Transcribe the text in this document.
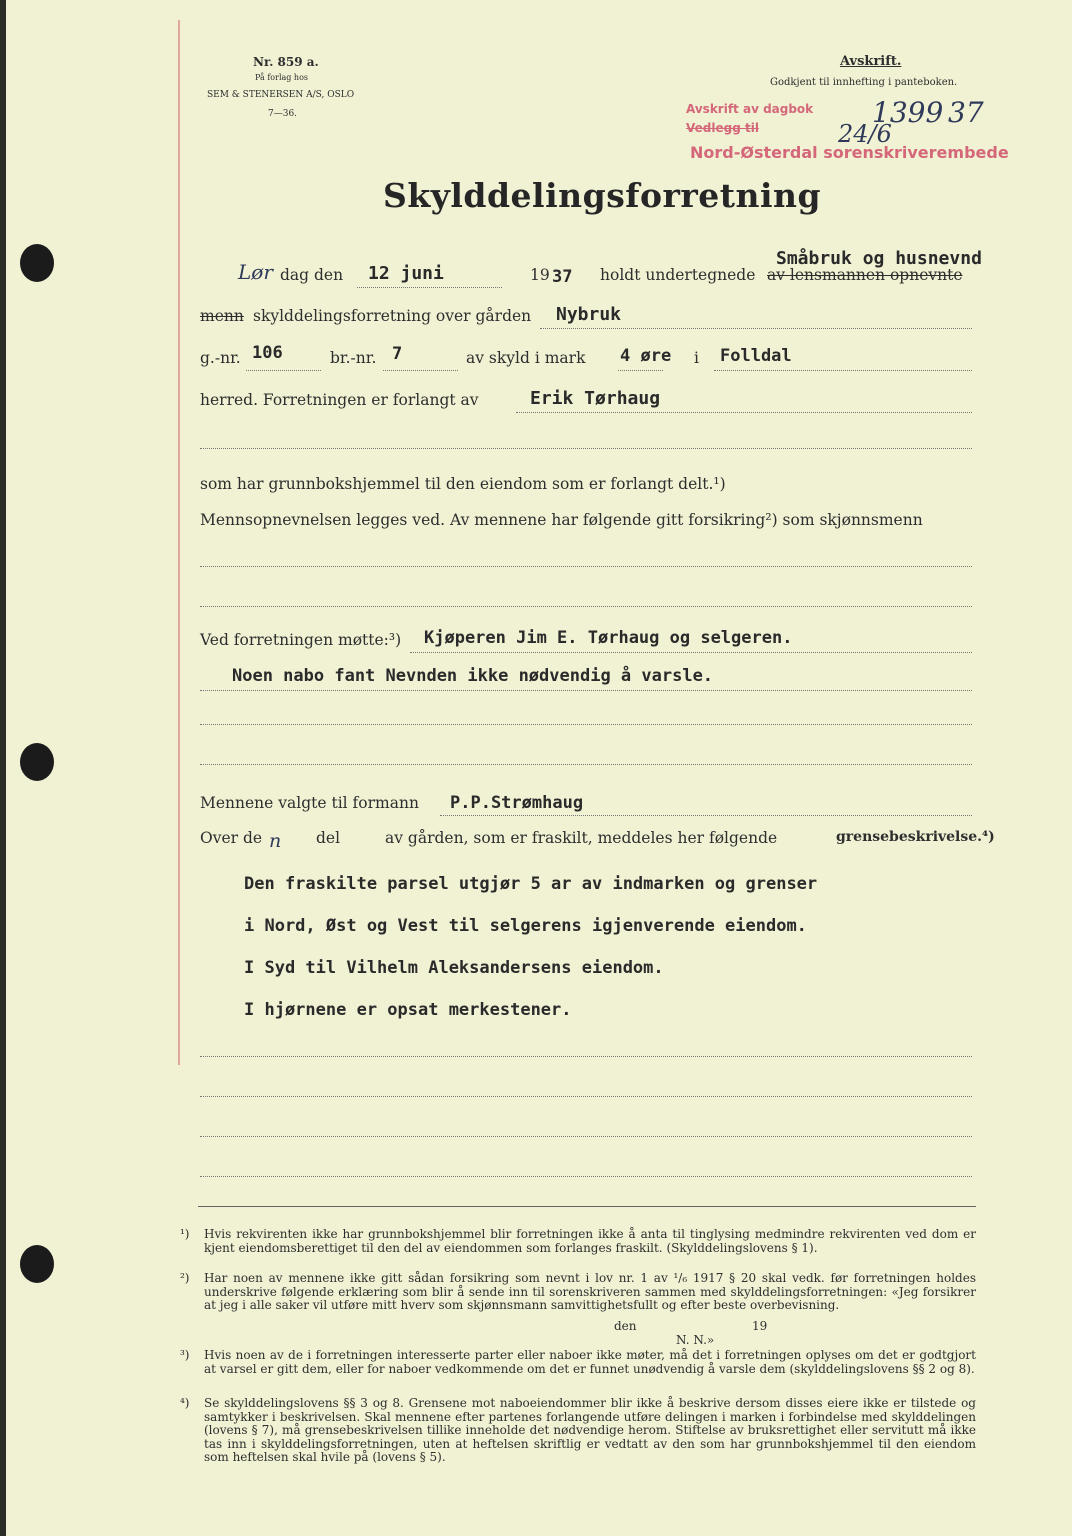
Nr. 859 a.
På forlag hos
SEM & STENERSEN A/S, OSLO
7—36.
Avskrift.
Godkjent til innhefting i panteboken.
Avskrift av dagbok
Vedlegg til
Nord-Østerdal sorenskriverembede
1399 37
24/6
Skylddelingsforretning
Lør dag den 12 juni	19 37 holdt undertegnede av lensmannen opnevnte
Småbruk og husnevnd
menn skylddelingsforretning over gården Nybruk
g.-nr. 106	br.-nr. 7	av skyld i mark 4 øre i Folldal
herred. Forretningen er forlangt av	Erik Tørhaug
som har grunnbokshjemmel til den eiendom som er forlangt delt.¹)
Mennsopnevnelsen legges ved. Av mennene har følgende gitt forsikring²) som skjønnsmenn
Ved forretningen møtte:³) Kjøperen Jim E. Tørhaug og selgeren.
Noen nabo fant Nevnden ikke nødvendig å varsle.
Mennene valgte til formann P.P.Strømhaug
Over de n del	av gården, som er fraskilt, meddeles her følgende	grensebeskrivelse.⁴)
Den fraskilte parsel utgjør 5 ar av indmarken og grenser
i Nord, Øst og Vest til selgerens igjenverende eiendom.
I Syd til Vilhelm Aleksandersens eiendom.
I hjørnene er opsat merkestener.
¹) Hvis rekvirenten ikke har grunnbokshjemmel blir forretningen ikke å anta til tinglysing medmindre rekvirenten ved dom er kjent eiendomsberettiget til den del av eiendommen som forlanges fraskilt. (Skylddelingslovens § 1).
²) Har noen av mennene ikke gitt sådan forsikring som nevnt i lov nr. 1 av ¹/₆ 1917 § 20 skal vedk. før forretningen holdes underskrive følgende erklæring som blir å sende inn til sorenskriveren sammen med skylddelingsforretningen: «Jeg forsikrer at jeg i alle saker vil utføre mitt hverv som skjønnsmann samvittighetsfullt og efter beste overbevisning.
den	19
N. N.»
³) Hvis noen av de i forretningen interesserte parter eller naboer ikke møter, må det i forretningen oplyses om det er godtgjort at varsel er gitt dem, eller for naboer vedkommende om det er funnet unødvendig å varsle dem (skylddelingslovens §§ 2 og 8).
⁴) Se skylddelingslovens §§ 3 og 8. Grensene mot naboeiendommer blir ikke å beskrive dersom disses eiere ikke er tilstede og samtykker i beskrivelsen. Skal mennene efter partenes forlangende utføre delingen i marken i forbindelse med skylddelingen (lovens § 7), må grensebeskrivelsen tillike inneholde det nødvendige herom. Stiftelse av bruksrettighet eller servitutt må ikke tas inn i skylddelingsforretningen, uten at heftelsen skriftlig er vedtatt av den som har grunnbokshjemmel til den eiendom som heftelsen skal hvile på (lovens § 5).
